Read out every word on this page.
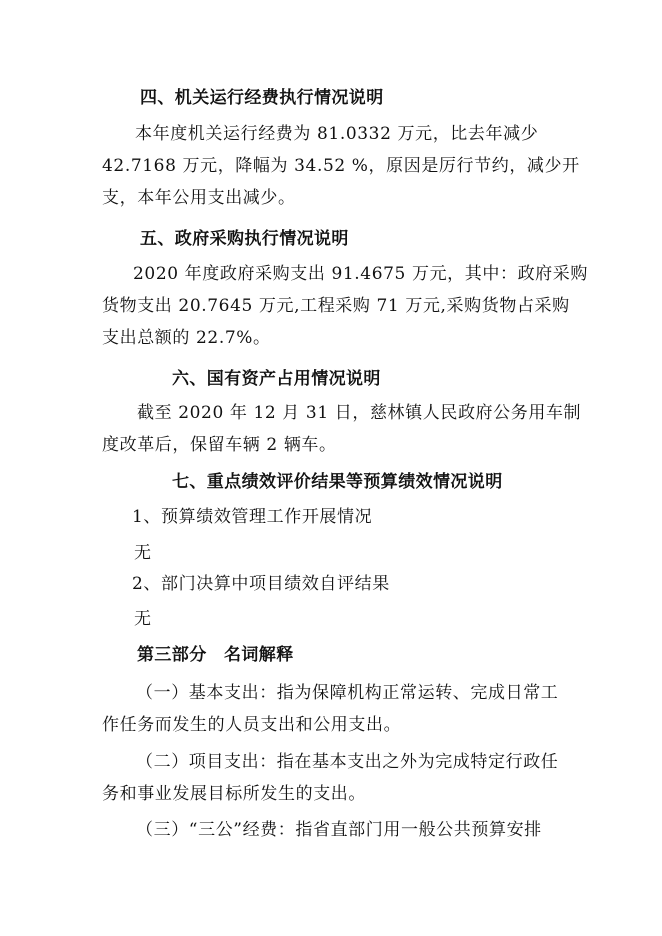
四、机关运行经费执行情况说明
本年度机关运行经费为 81.0332 万元，比去年减少
42.7168 万元，降幅为 34.52 %，原因是厉行节约，减少开
支，本年公用支出减少。
五、政府采购执行情况说明
2020 年度政府采购支出 91.4675 万元，其中：政府采购
货物支出 20.7645 万元,工程采购 71 万元,采购货物占采购
支出总额的 22.7%。
六、国有资产占用情况说明
截至 2020 年 12 月 31 日，慈林镇人民政府公务用车制
度改革后，保留车辆 2 辆车。
七、重点绩效评价结果等预算绩效情况说明
1、预算绩效管理工作开展情况
无
2、部门决算中项目绩效自评结果
无
第三部分　名词解释
（一）基本支出：指为保障机构正常运转、完成日常工
作任务而发生的人员支出和公用支出。
（二）项目支出：指在基本支出之外为完成特定行政任
务和事业发展目标所发生的支出。
（三）“三公”经费：指省直部门用一般公共预算安排
